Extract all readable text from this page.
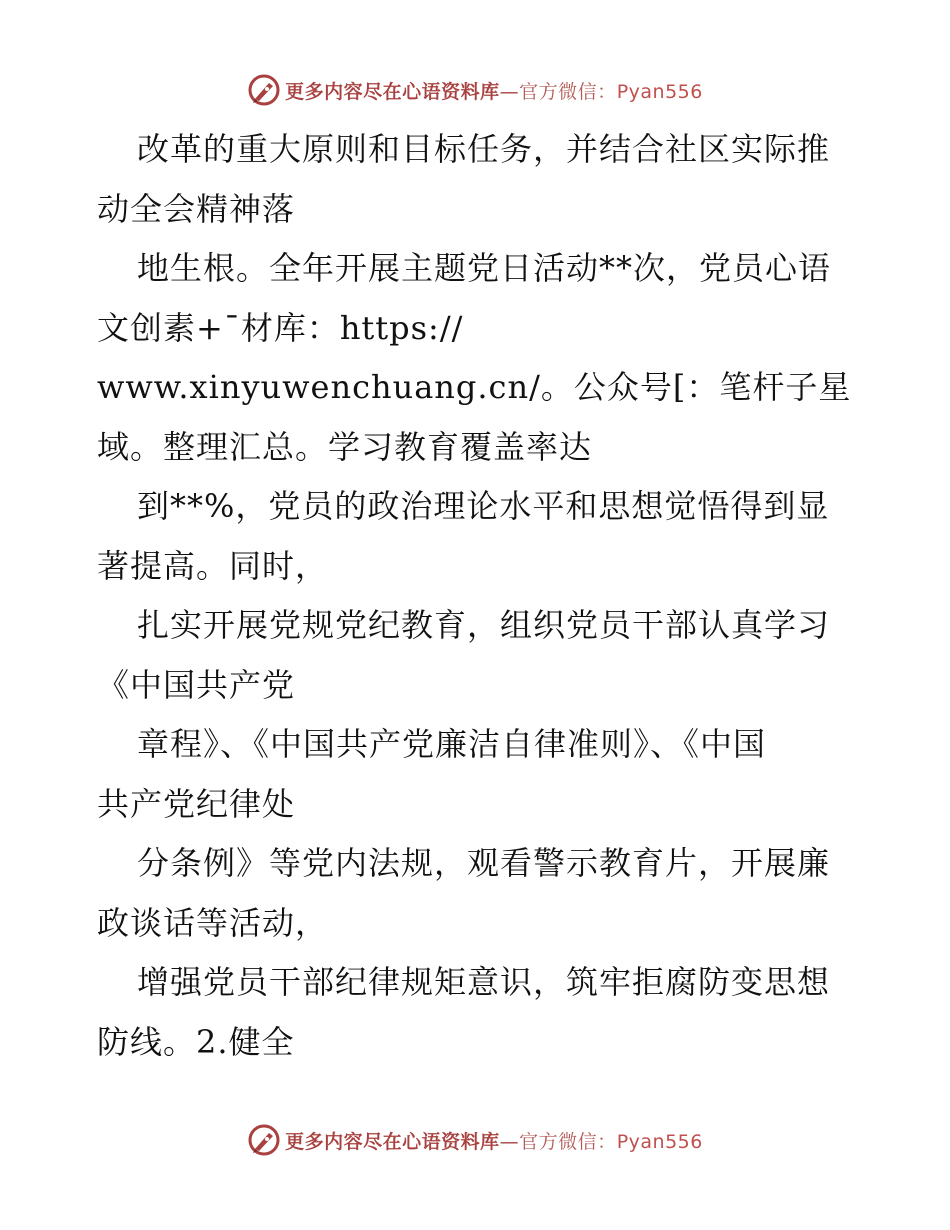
更多内容尽在心语资料库—官方微信：Pyan556
改革的重大原则和目标任务，并结合社区实际推
动全会精神落
地生根。全年开展主题党日活动**次，党员心语
文创素+¯材库：https://
www.xinyuwenchuang.cn/。公众号[：笔杆子星
域。整理汇总。学习教育覆盖率达
到**%，党员的政治理论水平和思想觉悟得到显
著提高。同时，
扎实开展党规党纪教育，组织党员干部认真学习
《中国共产党
章程》、《中国共产党廉洁自律准则》、《中国
共产党纪律处
分条例》等党内法规，观看警示教育片，开展廉
政谈话等活动，
增强党员干部纪律规矩意识，筑牢拒腐防变思想
防线。2.健全
更多内容尽在心语资料库—官方微信：Pyan556
